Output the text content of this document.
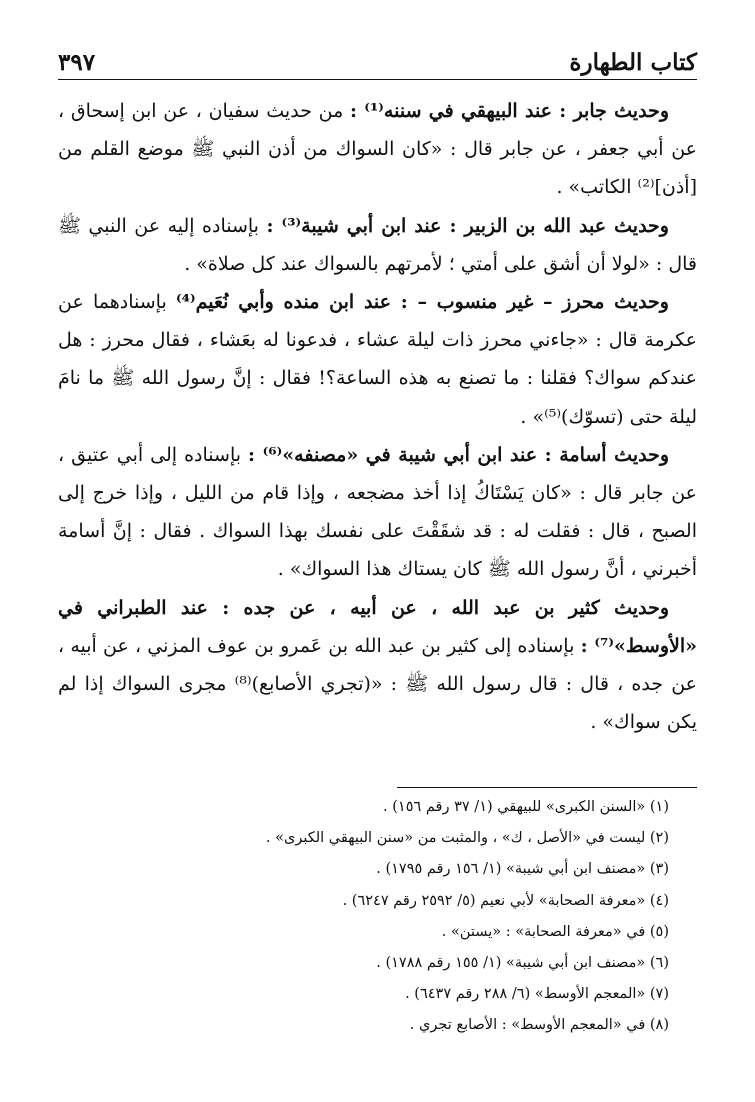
كتاب الطهارة
٣٩٧

وحديث جابر : عند البيهقي في سننه⁽¹⁾ : من حديث سفيان ، عن ابن إسحاق ، عن أبي جعفر ، عن جابر قال : «كان السواك من أذن النبي ﷺ موضع القلم من [أذن]⁽²⁾ الكاتب» .

وحديث عبد الله بن الزبير : عند ابن أبي شيبة⁽³⁾ : بإسناده إليه عن النبي ﷺ قال : «لولا أن أشق على أمتي ؛ لأمرتهم بالسواك عند كل صلاة» .

وحديث محرز – غير منسوب – : عند ابن منده وأبي نُعَيم⁽⁴⁾ بإسنادهما عن عكرمة قال : «جاءني محرز ذات ليلة عشاء ، فدعونا له بعَشاء ، فقال محرز : هل عندكم سواك؟ فقلنا : ما تصنع به هذه الساعة؟! فقال : إنَّ رسول الله ﷺ ما نامَ ليلة حتى (تسوّك)⁽⁵⁾» .

وحديث أسامة : عند ابن أبي شيبة في «مصنفه»⁽⁶⁾ : بإسناده إلى أبي عتيق ، عن جابر قال : «كان يَسْتَاكُ إذا أخذ مضجعه ، وإذا قام من الليل ، وإذا خرج إلى الصبح ، قال : فقلت له : قد شقَقْتَ على نفسك بهذا السواك . فقال : إنَّ أسامة أخبرني ، أنَّ رسول الله ﷺ كان يستاك هذا السواك» .

وحديث كثير بن عبد الله ، عن أبيه ، عن جده : عند الطبراني في «الأوسط»⁽⁷⁾ : بإسناده إلى كثير بن عبد الله بن عَمرو بن عوف المزني ، عن أبيه ، عن جده ، قال : قال رسول الله ﷺ : «(تجري الأصابع)⁽⁸⁾ مجرى السواك إذا لم يكن سواك» .

(١) «السنن الكبرى» للبيهقي (١/ ٣٧ رقم ١٥٦) .

(٢) ليست في «الأصل ، ك» ، والمثبت من «سنن البيهقي الكبرى» .

(٣) «مصنف ابن أبي شيبة» (١/ ١٥٦ رقم ١٧٩٥) .

(٤) «معرفة الصحابة» لأبي نعيم (٥/ ٢٥٩٢ رقم ٦٢٤٧) .

(٥) في «معرفة الصحابة» : «يستن» .

(٦) «مصنف ابن أبي شيبة» (١/ ١٥٥ رقم ١٧٨٨) .

(٧) «المعجم الأوسط» (٦/ ٢٨٨ رقم ٦٤٣٧) .

(٨) في «المعجم الأوسط» : الأصابع تجري .
